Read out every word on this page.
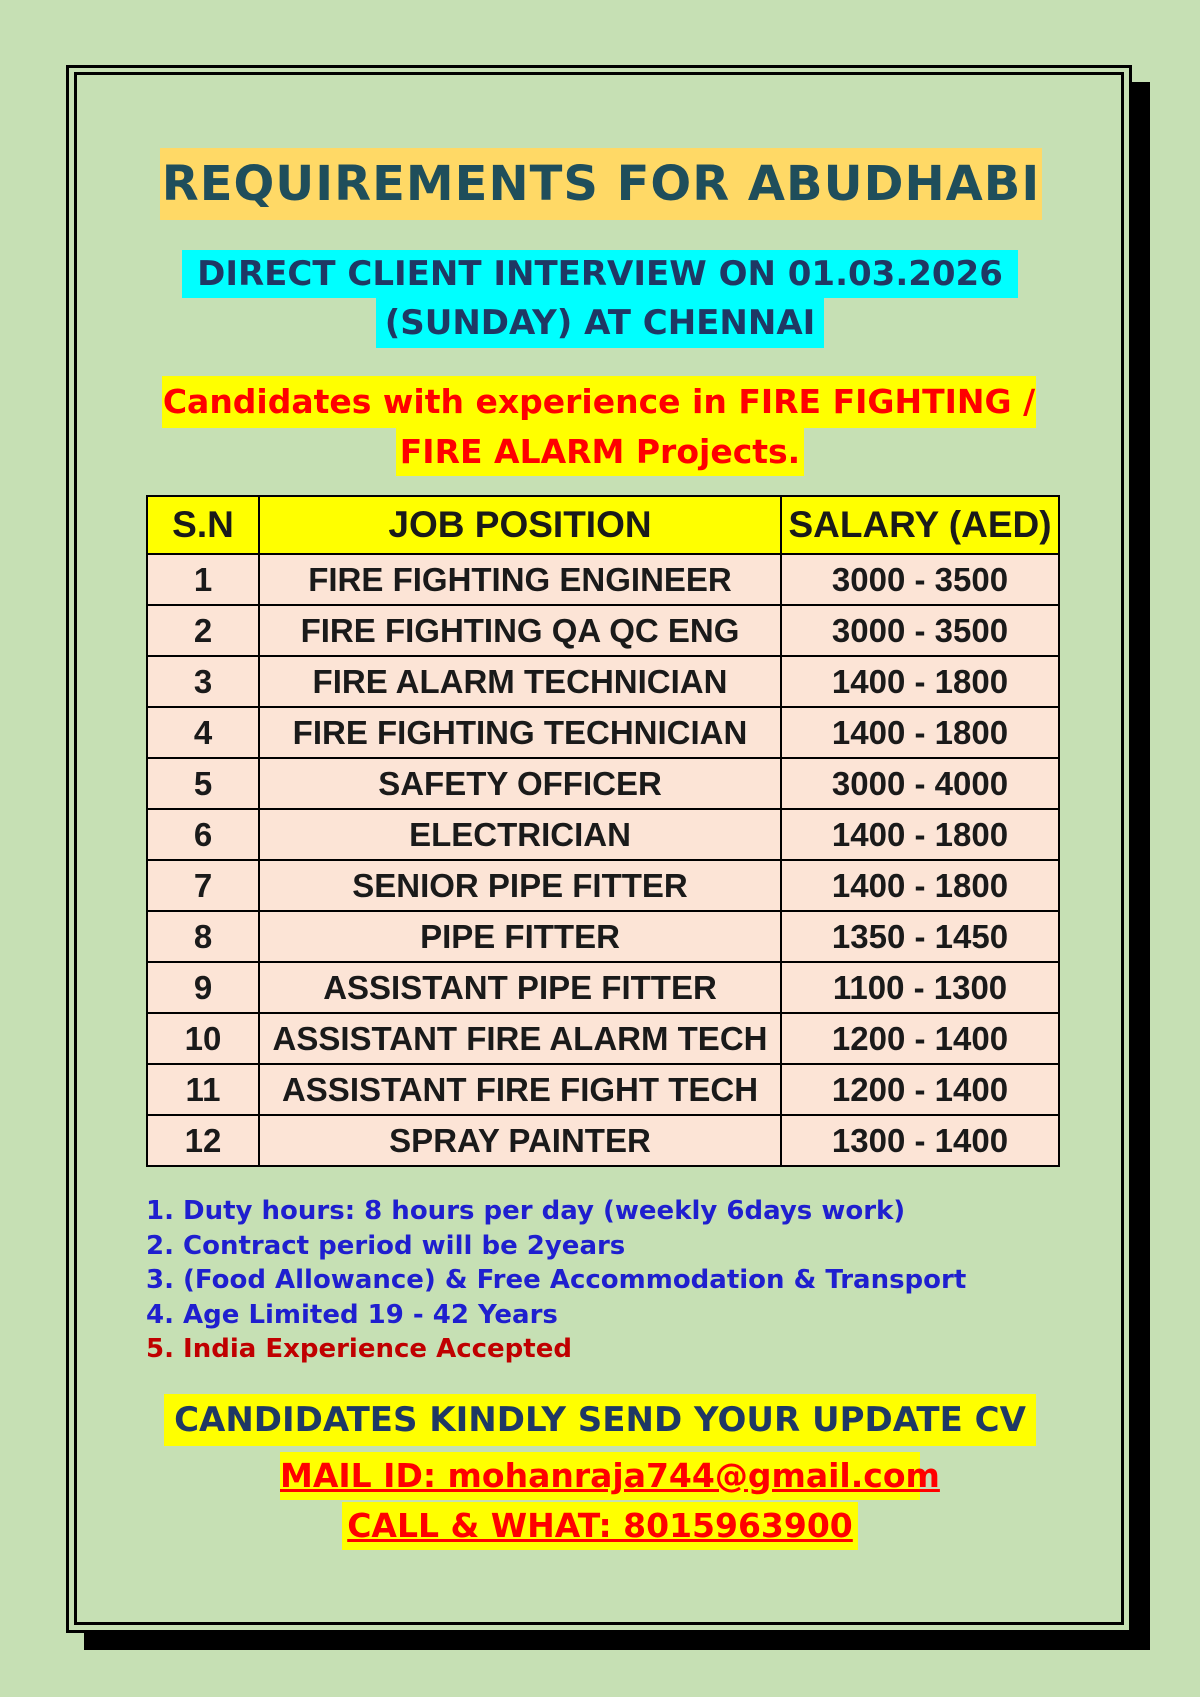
REQUIREMENTS FOR ABUDHABI
DIRECT CLIENT INTERVIEW ON 01.03.2026
(SUNDAY) AT CHENNAI
Candidates with experience in FIRE FIGHTING /
FIRE ALARM Projects.
S.N	JOB POSITION	SALARY (AED)
1	FIRE FIGHTING ENGINEER	3000 - 3500
2	FIRE FIGHTING QA QC ENG	3000 - 3500
3	FIRE ALARM TECHNICIAN	1400 - 1800
4	FIRE FIGHTING TECHNICIAN	1400 - 1800
5	SAFETY OFFICER	3000 - 4000
6	ELECTRICIAN	1400 - 1800
7	SENIOR PIPE FITTER	1400 - 1800
8	PIPE FITTER	1350 - 1450
9	ASSISTANT PIPE FITTER	1100 - 1300
10	ASSISTANT FIRE ALARM TECH	1200 - 1400
11	ASSISTANT FIRE FIGHT TECH	1200 - 1400
12	SPRAY PAINTER	1300 - 1400
1. Duty hours: 8 hours per day (weekly 6days work)
2. Contract period will be 2years
3. (Food Allowance) & Free Accommodation & Transport
4. Age Limited 19 - 42 Years
5. India Experience Accepted
CANDIDATES KINDLY SEND YOUR UPDATE CV
MAIL ID: mohanraja744@gmail.com
CALL & WHAT: 8015963900
